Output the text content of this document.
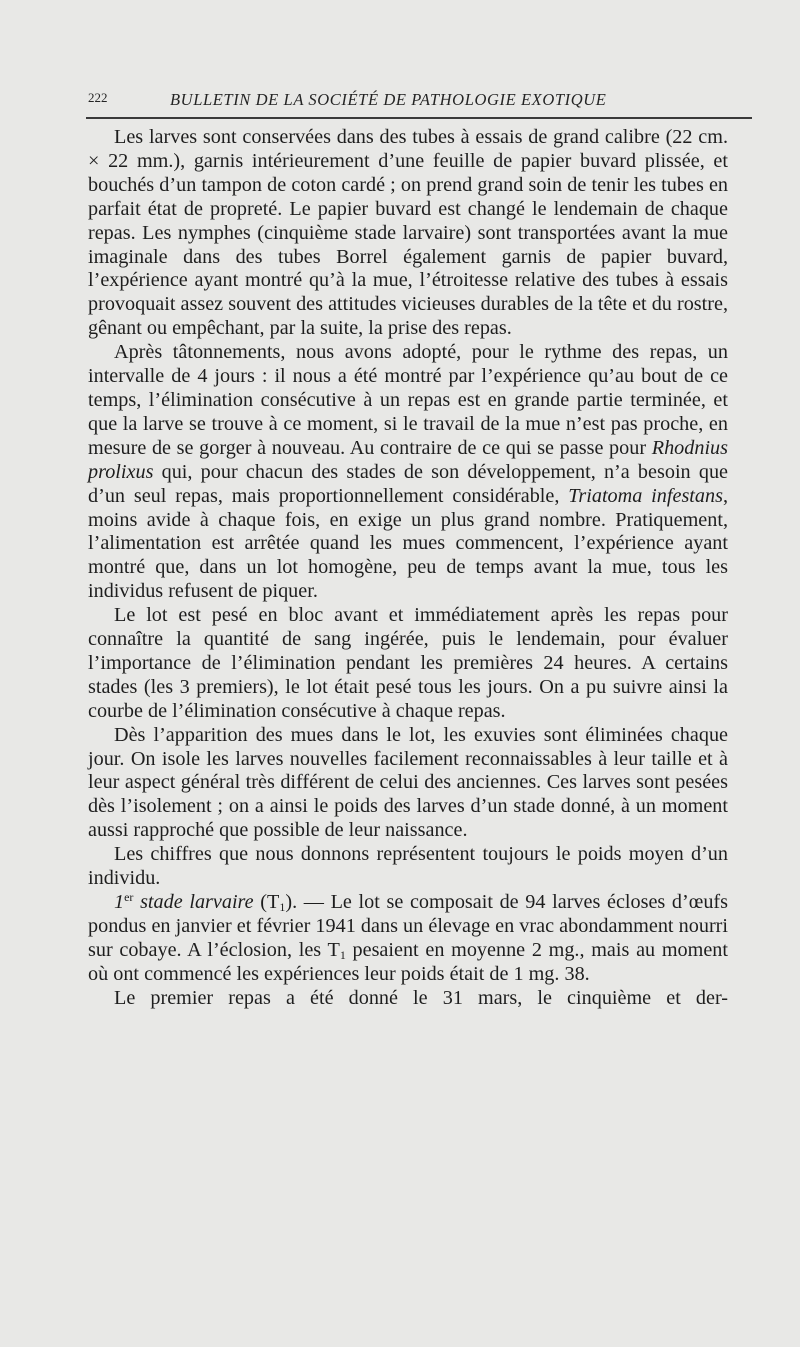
222	BULLETIN DE LA SOCIÉTÉ DE PATHOLOGIE EXOTIQUE

Les larves sont conservées dans des tubes à essais de grand calibre (22 cm. × 22 mm.), garnis intérieurement d’une feuille de papier buvard plissée, et bouchés d’un tampon de coton cardé ; on prend grand soin de tenir les tubes en parfait état de propreté. Le papier buvard est changé le lendemain de chaque repas. Les nymphes (cinquième stade larvaire) sont transportées avant la mue imaginale dans des tubes Borrel également garnis de papier buvard, l’expérience ayant montré qu’à la mue, l’étroitesse relative des tubes à essais provoquait assez souvent des attitudes vicieuses durables de la tête et du rostre, gênant ou empêchant, par la suite, la prise des repas.

Après tâtonnements, nous avons adopté, pour le rythme des repas, un intervalle de 4 jours : il nous a été montré par l’expérience qu’au bout de ce temps, l’élimination consécutive à un repas est en grande partie terminée, et que la larve se trouve à ce moment, si le travail de la mue n’est pas proche, en mesure de se gorger à nouveau. Au contraire de ce qui se passe pour Rhodnius prolixus qui, pour chacun des stades de son développement, n’a besoin que d’un seul repas, mais proportionnellement considérable, Triatoma infestans, moins avide à chaque fois, en exige un plus grand nombre. Pratiquement, l’alimentation est arrêtée quand les mues commencent, l’expérience ayant montré que, dans un lot homogène, peu de temps avant la mue, tous les individus refusent de piquer.

Le lot est pesé en bloc avant et immédiatement après les repas pour connaître la quantité de sang ingérée, puis le lendemain, pour évaluer l’importance de l’élimination pendant les premières 24 heures. A certains stades (les 3 premiers), le lot était pesé tous les jours. On a pu suivre ainsi la courbe de l’élimination consécutive à chaque repas.

Dès l’apparition des mues dans le lot, les exuvies sont éliminées chaque jour. On isole les larves nouvelles facilement reconnaissables à leur taille et à leur aspect général très différent de celui des anciennes. Ces larves sont pesées dès l’isolement ; on a ainsi le poids des larves d’un stade donné, à un moment aussi rapproché que possible de leur naissance.

Les chiffres que nous donnons représentent toujours le poids moyen d’un individu.

1er stade larvaire $(T_1)$. — Le lot se composait de 94 larves écloses d’œufs pondus en janvier et février 1941 dans un élevage en vrac abondamment nourri sur cobaye. A l’éclosion, les $T_1$ pesaient en moyenne 2 mg., mais au moment où ont commencé les expériences leur poids était de 1 mg. 38.

Le premier repas a été donné le 31 mars, le cinquième et der-
